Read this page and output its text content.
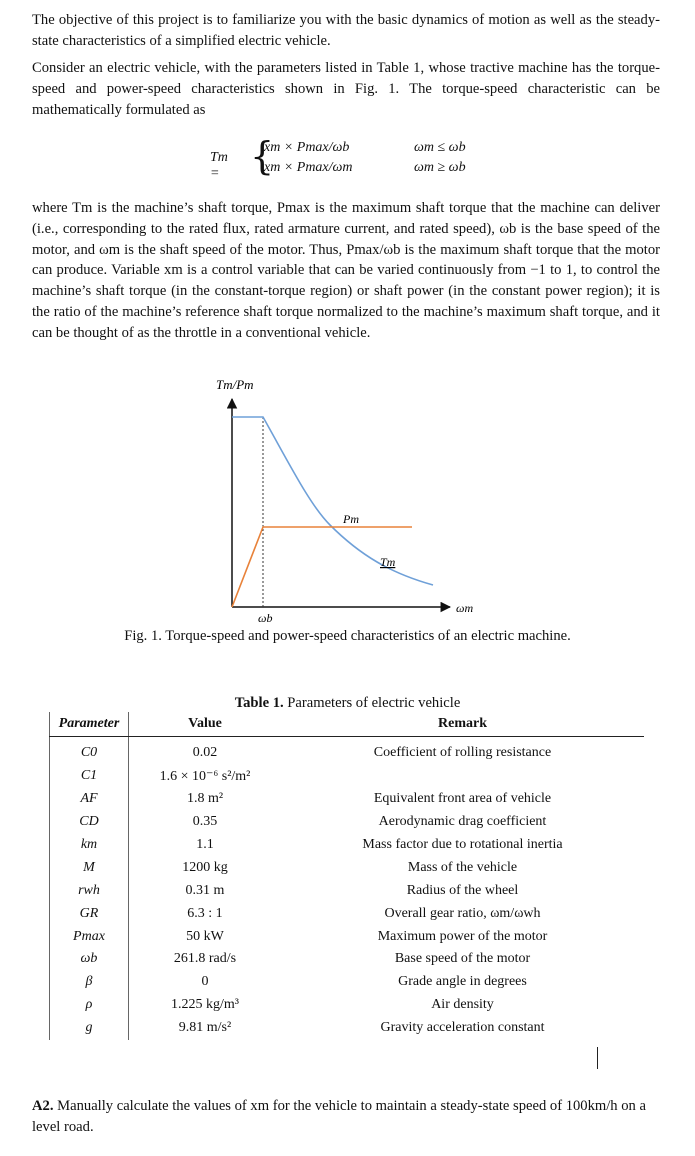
The objective of this project is to familiarize you with the basic dynamics of motion as well as the steady-state characteristics of a simplified electric vehicle.

Consider an electric vehicle, with the parameters listed in Table 1, whose tractive machine has the torque-speed and power-speed characteristics shown in Fig. 1. The torque-speed characteristic can be mathematically formulated as

Tm = {
xm × Pmax/ωb
xm × Pmax/ωm
ωm ≤ ωb
ωm ≥ ωb

where Tm is the machine’s shaft torque, Pmax is the maximum shaft torque that the machine can deliver (i.e., corresponding to the rated flux, rated armature current, and rated speed), ωb is the base speed of the motor, and ωm is the shaft speed of the motor. Thus, Pmax/ωb is the maximum shaft torque that the motor can produce. Variable xm is a control variable that can be varied continuously from −1 to 1, to control the machine’s shaft torque (in the constant-torque region) or shaft power (in the constant power region); it is the ratio of the machine’s reference shaft torque normalized to the machine’s maximum shaft torque, and it can be thought of as the throttle in a conventional vehicle.

Tm/Pm
Pm
Tm
ωm
ωb
Fig. 1. Torque-speed and power-speed characteristics of an electric machine.
Table 1. Parameters of electric vehicle
Parameter	Value	Remark

C0	0.02	Coefficient of rolling resistance
C1	1.6 × 10⁻⁶ s²/m²	
AF	1.8 m²	Equivalent front area of vehicle
CD	0.35	Aerodynamic drag coefficient
km	1.1	Mass factor due to rotational inertia
M	1200 kg	Mass of the vehicle
rwh	0.31 m	Radius of the wheel
GR	6.3 : 1	Overall gear ratio, ωm/ωwh
Pmax	50 kW	Maximum power of the motor
ωb	261.8 rad/s	Base speed of the motor
β	0	Grade angle in degrees
ρ	1.225 kg/m³	Air density
g	9.81 m/s²	Gravity acceleration constant
A2. Manually calculate the values of xm for the vehicle to maintain a steady-state speed of 100km/h on a level road.
